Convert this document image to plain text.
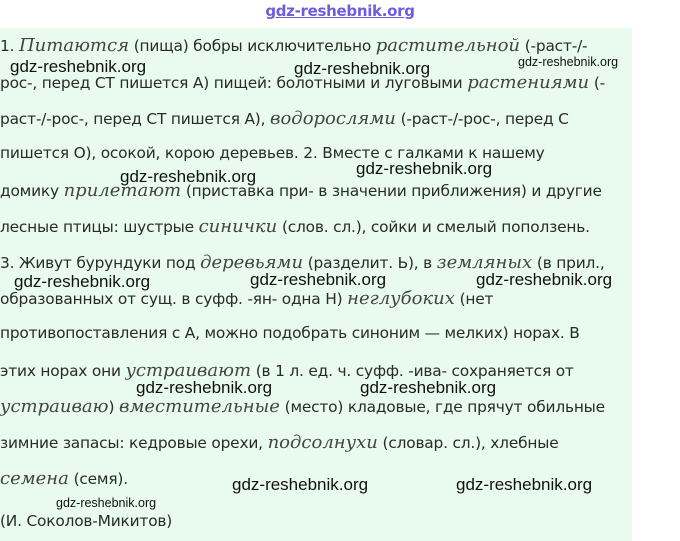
gdz-reshebnik.org
1. Питаются (пища) бобры исключительно растительной (-раст-/-
рос-, перед СТ пишется А) пищей: болотными и луговыми растениями (-
раст-/-рос-, перед СТ пишется А), водорослями (-раст-/-рос-, перед С
пишется О), осокой, корою деревьев. 2. Вместе с галками к нашему
домику прилетают (приставка при- в значении приближения) и другие
лесные птицы: шустрые синички (слов. сл.), сойки и смелый поползень.
3. Живут бурундуки под деревьями (разделит. Ь), в земляных (в прил.,
образованных от сущ. в суфф. -ян- одна Н) неглубоких (нет
противопоставления с А, можно подобрать синоним — мелких) норах. В
этих норах они устраивают (в 1 л. ед. ч. суфф. -ива- сохраняется от
устраиваю) вместительные (место) кладовые, где прячут обильные
зимние запасы: кедровые орехи, подсолнухи (словар. сл.), хлебные
семена (семя).
(И. Соколов-Микитов)
gdz-reshebnik.org	gdz-reshebnik.org	gdz-reshebnik.org
gdz-reshebnik.org	gdz-reshebnik.org
gdz-reshebnik.org	gdz-reshebnik.org	gdz-reshebnik.org
gdz-reshebnik.org	gdz-reshebnik.org
gdz-reshebnik.org	gdz-reshebnik.org
gdz-reshebnik.org
